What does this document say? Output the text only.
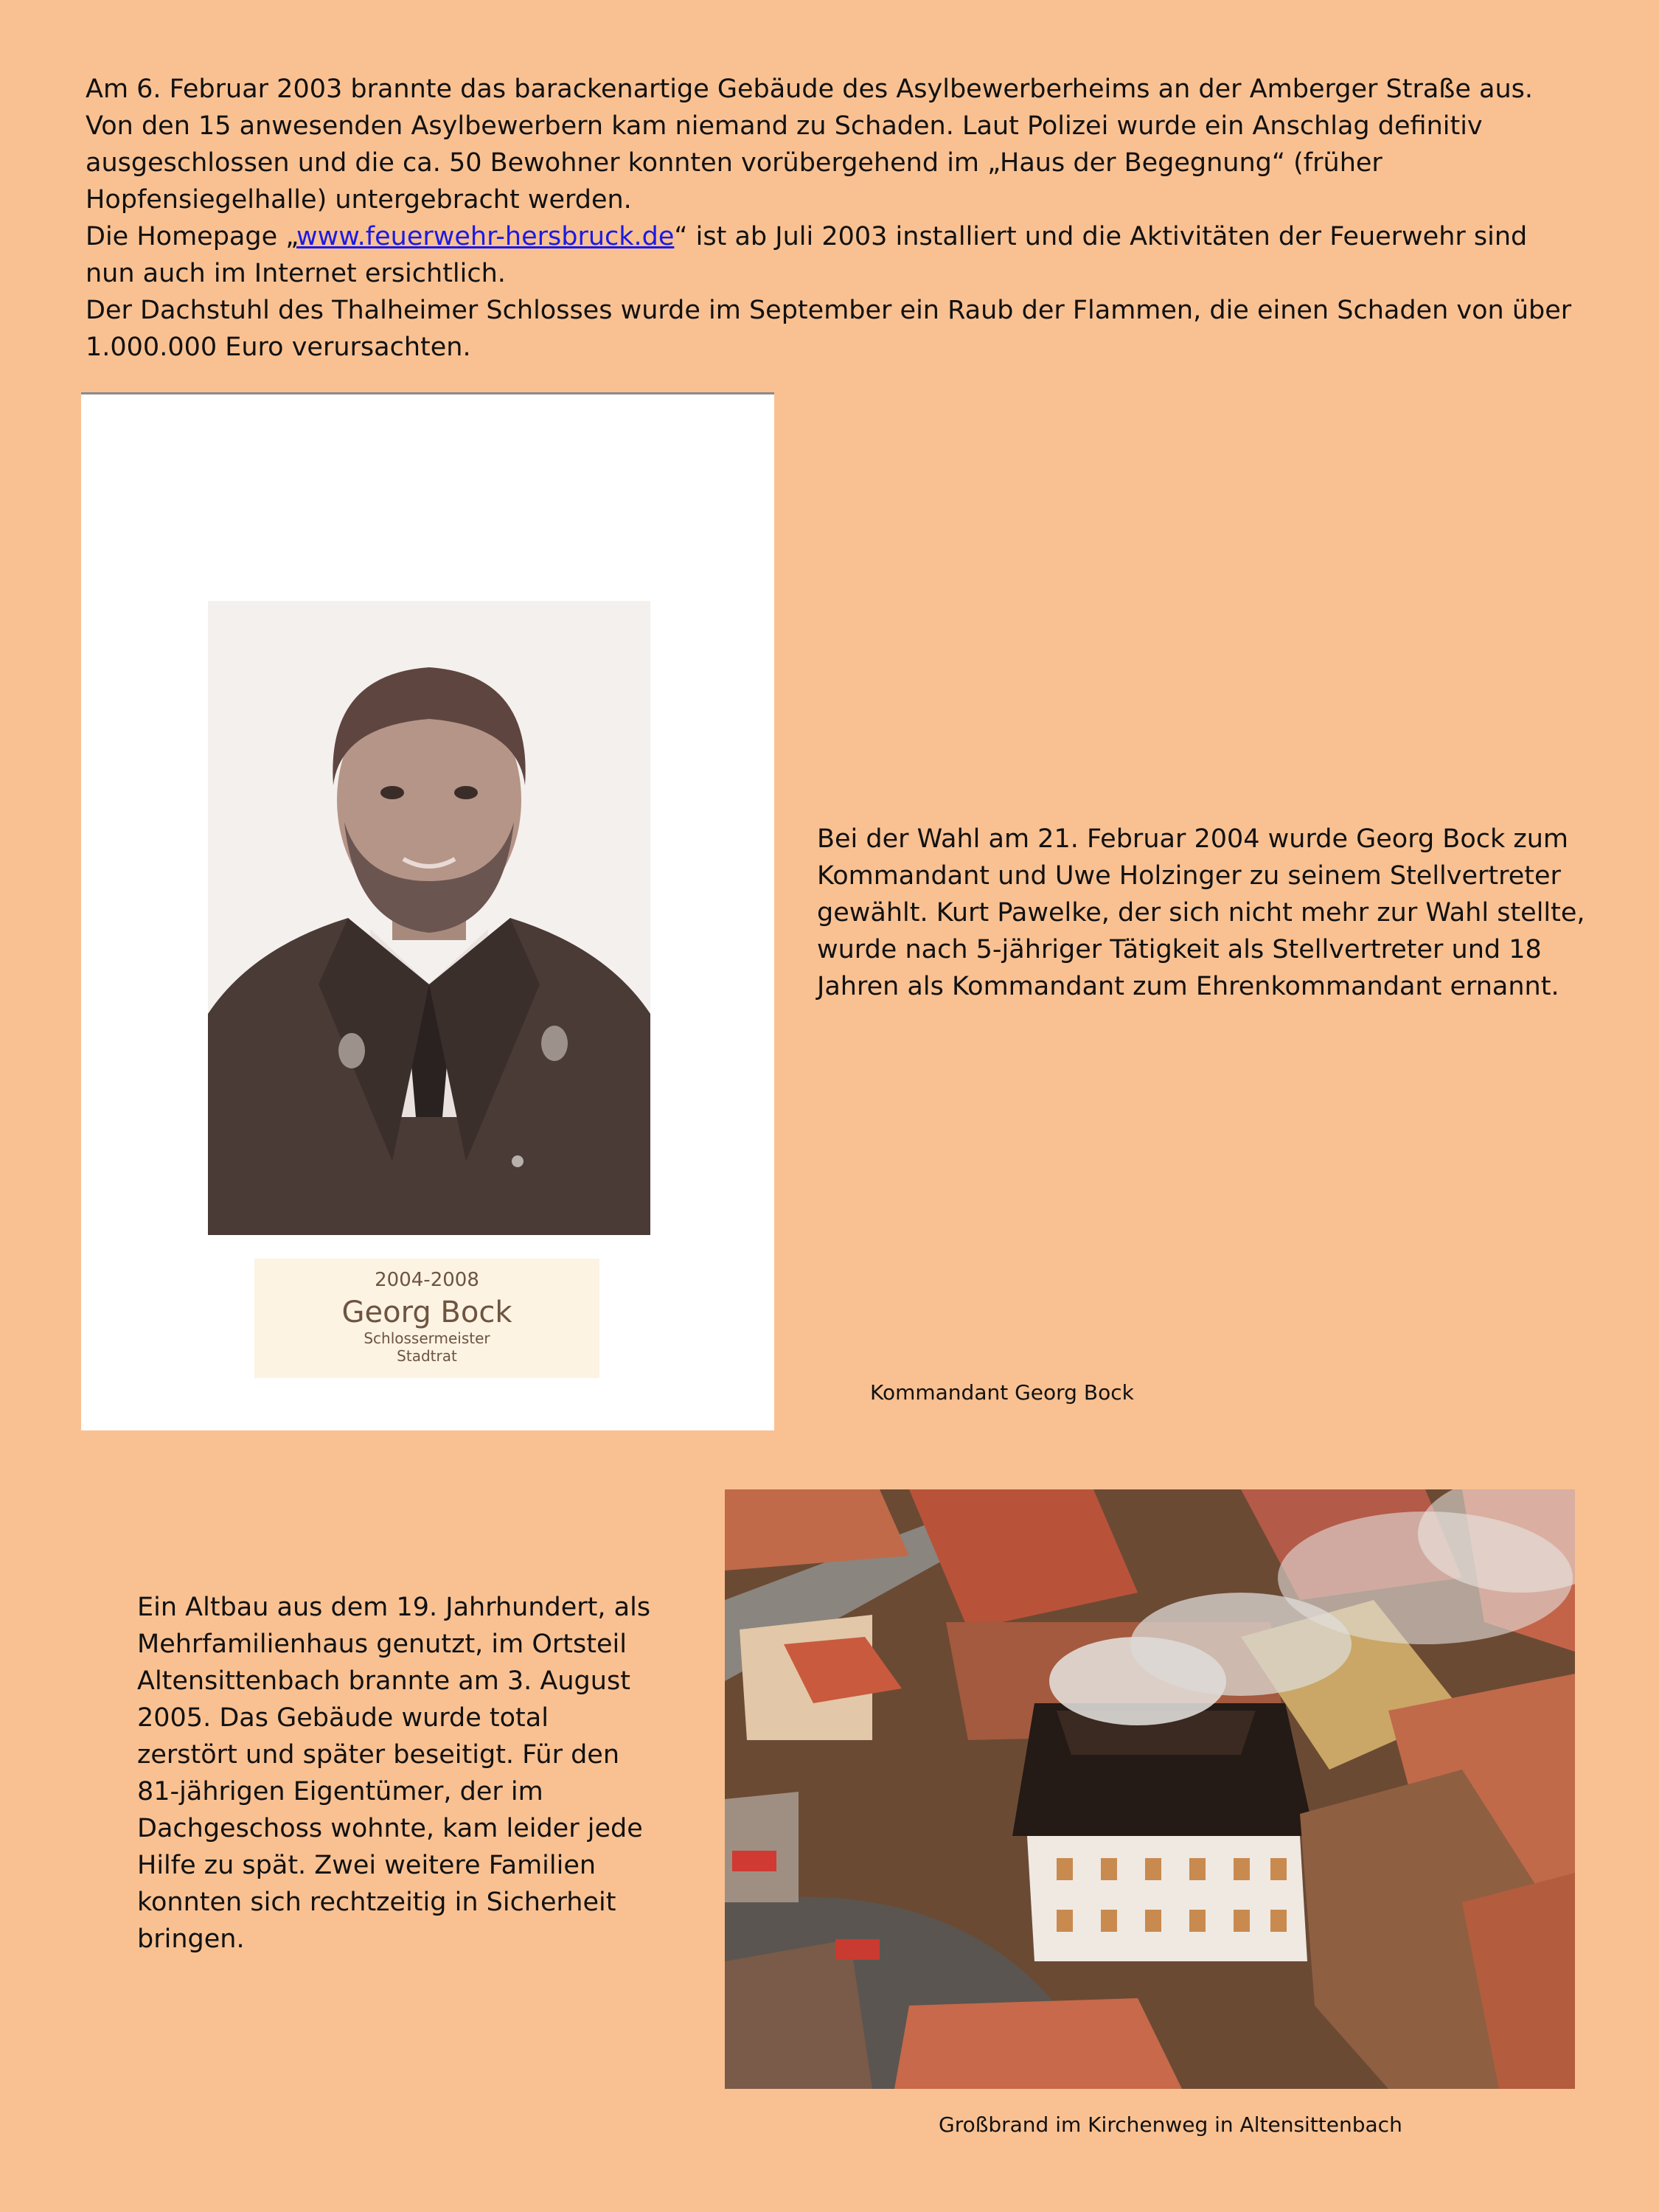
Am 6. Februar 2003 brannte das barackenartige Gebäude des Asylbewerberheims an der Amberger Straße aus. Von den 15 anwesenden Asylbewerbern kam niemand zu Schaden. Laut Polizei wurde ein Anschlag definitiv ausgeschlossen und die ca. 50 Bewohner konnten vorübergehend im „Haus der Begegnung“ (früher Hopfensiegelhalle) untergebracht werden.

Die Homepage „www.feuerwehr-hersbruck.de“ ist ab Juli 2003 installiert und die Aktivitäten der Feuerwehr sind nun auch im Internet ersichtlich.

Der Dachstuhl des Thalheimer Schlosses wurde im September ein Raub der Flammen, die einen Schaden von über 1.000.000 Euro verursachten.

2004-2008
Georg Bock
Schlossermeister
Stadtrat

Bei der Wahl am 21. Februar 2004 wurde Georg Bock zum Kommandant und Uwe Holzinger zu seinem Stellvertreter gewählt. Kurt Pawelke, der sich nicht mehr zur Wahl stellte, wurde nach 5-jähriger Tätigkeit als Stellvertreter und 18 Jahren als Kommandant zum Ehrenkommandant ernannt.

Kommandant Georg Bock

Ein Altbau aus dem 19. Jahrhundert, als Mehrfamilienhaus genutzt, im Ortsteil Altensittenbach brannte am 3. August 2005. Das Gebäude wurde total zerstört und später beseitigt. Für den 81-jährigen Eigentümer, der im Dachgeschoss wohnte, kam leider jede Hilfe zu spät. Zwei weitere Familien konnten sich rechtzeitig in Sicherheit bringen.

Großbrand im Kirchenweg in Altensittenbach
